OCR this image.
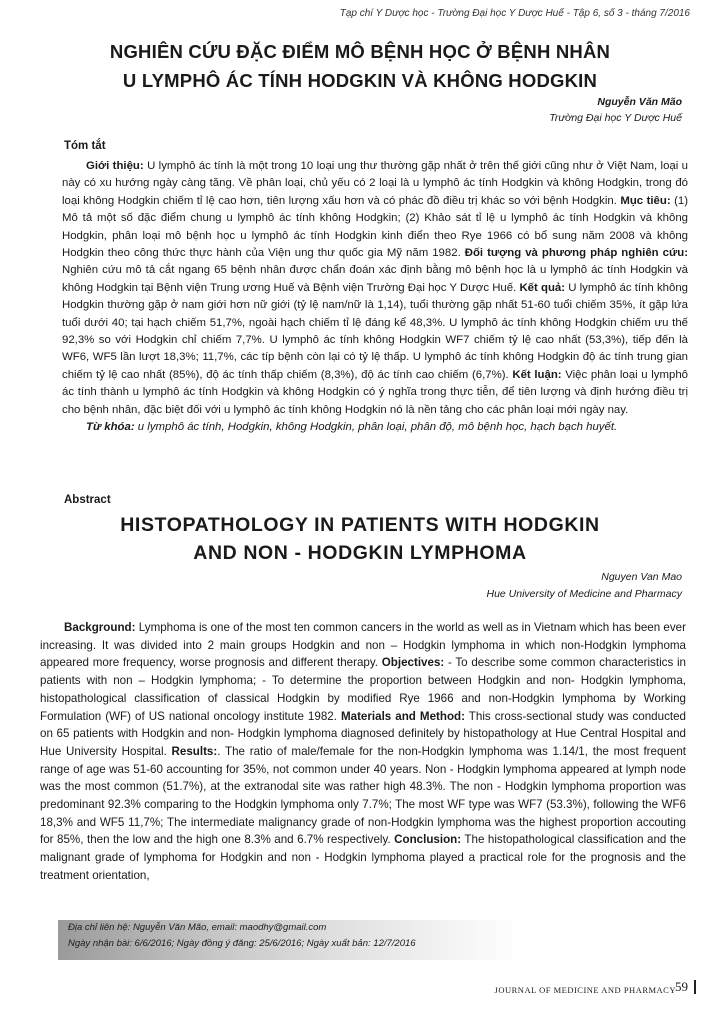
Tạp chí Y Dược học - Trường Đại học Y Dược Huế - Tập 6, số 3 - tháng 7/2016
NGHIÊN CỨU ĐẶC ĐIỂM MÔ BỆNH HỌC Ở BỆNH NHÂN
U LYMPHÔ ÁC TÍNH HODGKIN VÀ KHÔNG HODGKIN
Nguyễn Văn Mão
Trường Đại học Y Dược Huế
Tóm tắt
Giới thiệu: U lymphô ác tính là một trong 10 loại ung thư thường gặp nhất ở trên thế giới cũng như ở Việt Nam, loại u này có xu hướng ngày càng tăng. Về phân loại, chủ yếu có 2 loại là u lymphô ác tính Hodgkin và không Hodgkin, trong đó loại không Hodgkin chiếm tỉ lệ cao hơn, tiên lượng xấu hơn và có phác đồ điều trị khác so với bệnh Hodgkin. Mục tiêu: (1) Mô tả một số đặc điểm chung u lymphô ác tính không Hodgkin; (2) Khảo sát tỉ lệ u lymphô ác tính Hodgkin và không Hodgkin, phân loại mô bệnh học u lymphô ác tính Hodgkin kinh điển theo Rye 1966 có bổ sung năm 2008 và không Hodgkin theo công thức thực hành của Viện ung thư quốc gia Mỹ năm 1982. Đối tượng và phương pháp nghiên cứu: Nghiên cứu mô tả cắt ngang 65 bệnh nhân được chẩn đoán xác định bằng mô bệnh học là u lymphô ác tính Hodgkin và không Hodgkin tại Bệnh viện Trung ương Huế và Bệnh viện Trường Đại học Y Dược Huế. Kết quả: U lymphô ác tính không Hodgkin thường gặp ở nam giới hơn nữ giới (tỷ lệ nam/nữ là 1,14), tuổi thường gặp nhất 51-60 tuổi chiếm 35%, ít gặp lứa tuổi dưới 40; tại hạch chiếm 51,7%, ngoài hạch chiếm tỉ lệ đáng kể 48,3%. U lymphô ác tính không Hodgkin chiếm ưu thế 92,3% so với Hodgkin chỉ chiếm 7,7%. U lymphô ác tính không Hodgkin WF7 chiếm tỷ lệ cao nhất (53,3%), tiếp đến là WF6, WF5 lần lượt 18,3%; 11,7%, các típ bệnh còn lại có tỷ lệ thấp. U lymphô ác tính không Hodgkin độ ác tính trung gian chiếm tỷ lệ cao nhất (85%), độ ác tính thấp chiếm (8,3%), độ ác tính cao chiếm (6,7%). Kết luận: Việc phân loại u lymphô ác tính thành u lymphô ác tính Hodgkin và không Hodgkin có ý nghĩa trong thực tiễn, để tiên lượng và định hướng điều trị cho bệnh nhân, đặc biệt đối với u lymphô ác tính không Hodgkin nó là nền tảng cho các phân loại mới ngày nay.
Từ khóa: u lymphô ác tính, Hodgkin, không Hodgkin, phân loại, phân độ, mô bệnh học, hạch bạch huyết.
Abstract
HISTOPATHOLOGY IN PATIENTS WITH HODGKIN
AND NON - HODGKIN LYMPHOMA
Nguyen Van Mao
Hue University of Medicine and Pharmacy
Background: Lymphoma is one of the most ten common cancers in the world as well as in Vietnam which has been ever increasing. It was divided into 2 main groups Hodgkin and non – Hodgkin lymphoma in which non-Hodgkin lymphoma appeared more frequency, worse prognosis and different therapy. Objectives: - To describe some common characteristics in patients with non – Hodgkin lymphoma; - To determine the proportion between Hodgkin and non- Hodgkin lymphoma, histopathological classification of classical Hodgkin by modified Rye 1966 and non-Hodgkin lymphoma by Working Formulation (WF) of US national oncology institute 1982. Materials and Method: This cross-sectional study was conducted on 65 patients with Hodgkin and non- Hodgkin lymphoma diagnosed definitely by histopathology at Hue Central Hospital and Hue University Hospital. Results:. The ratio of male/female for the non-Hodgkin lymphoma was 1.14/1, the most frequent range of age was 51-60 accounting for 35%, not common under 40 years. Non - Hodgkin lymphoma appeared at lymph node was the most common (51.7%), at the extranodal site was rather high 48.3%. The non - Hodgkin lymphoma proportion was predominant 92.3% comparing to the Hodgkin lymphoma only 7.7%; The most WF type was WF7 (53.3%), following the WF6 18,3% and WF5 11,7%; The intermediate malignancy grade of non-Hodgkin lymphoma was the highest proportion accouting for 85%, then the low and the high one 8.3% and 6.7% respectively. Conclusion: The histopathological classification and the malignant grade of lymphoma for Hodgkin and non - Hodgkin lymphoma played a practical role for the prognosis and the treatment orientation,
Địa chỉ liên hệ: Nguyễn Văn Mão, email: maodhy@gmail.com
Ngày nhận bài: 6/6/2016; Ngày đồng ý đăng: 25/6/2016; Ngày xuất bản: 12/7/2016
JOURNAL OF MEDICINE AND PHARMACY 59
